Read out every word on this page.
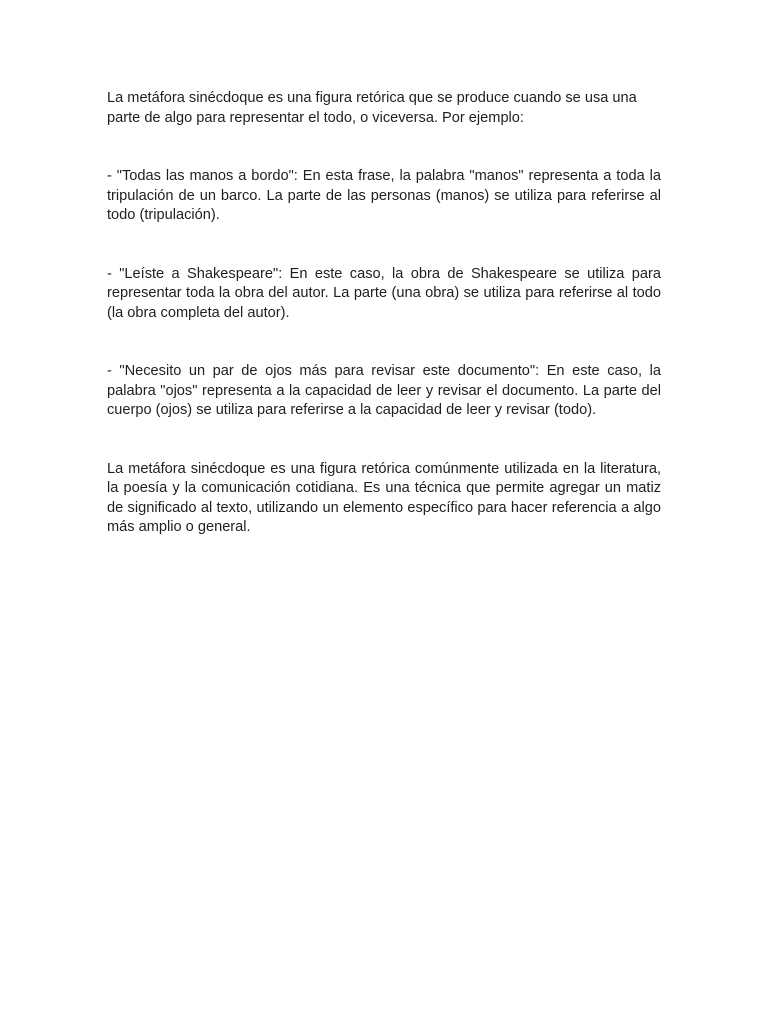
La metáfora sinécdoque es una figura retórica que se produce cuando se usa una parte de algo para representar el todo, o viceversa. Por ejemplo:

- "Todas las manos a bordo": En esta frase, la palabra "manos" representa a toda la tripulación de un barco. La parte de las personas (manos) se utiliza para referirse al todo (tripulación).

- "Leíste a Shakespeare": En este caso, la obra de Shakespeare se utiliza para representar toda la obra del autor. La parte (una obra) se utiliza para referirse al todo (la obra completa del autor).

- "Necesito un par de ojos más para revisar este documento": En este caso, la palabra "ojos" representa a la capacidad de leer y revisar el documento. La parte del cuerpo (ojos) se utiliza para referirse a la capacidad de leer y revisar (todo).

La metáfora sinécdoque es una figura retórica comúnmente utilizada en la literatura, la poesía y la comunicación cotidiana. Es una técnica que permite agregar un matiz de significado al texto, utilizando un elemento específico para hacer referencia a algo más amplio o general.
